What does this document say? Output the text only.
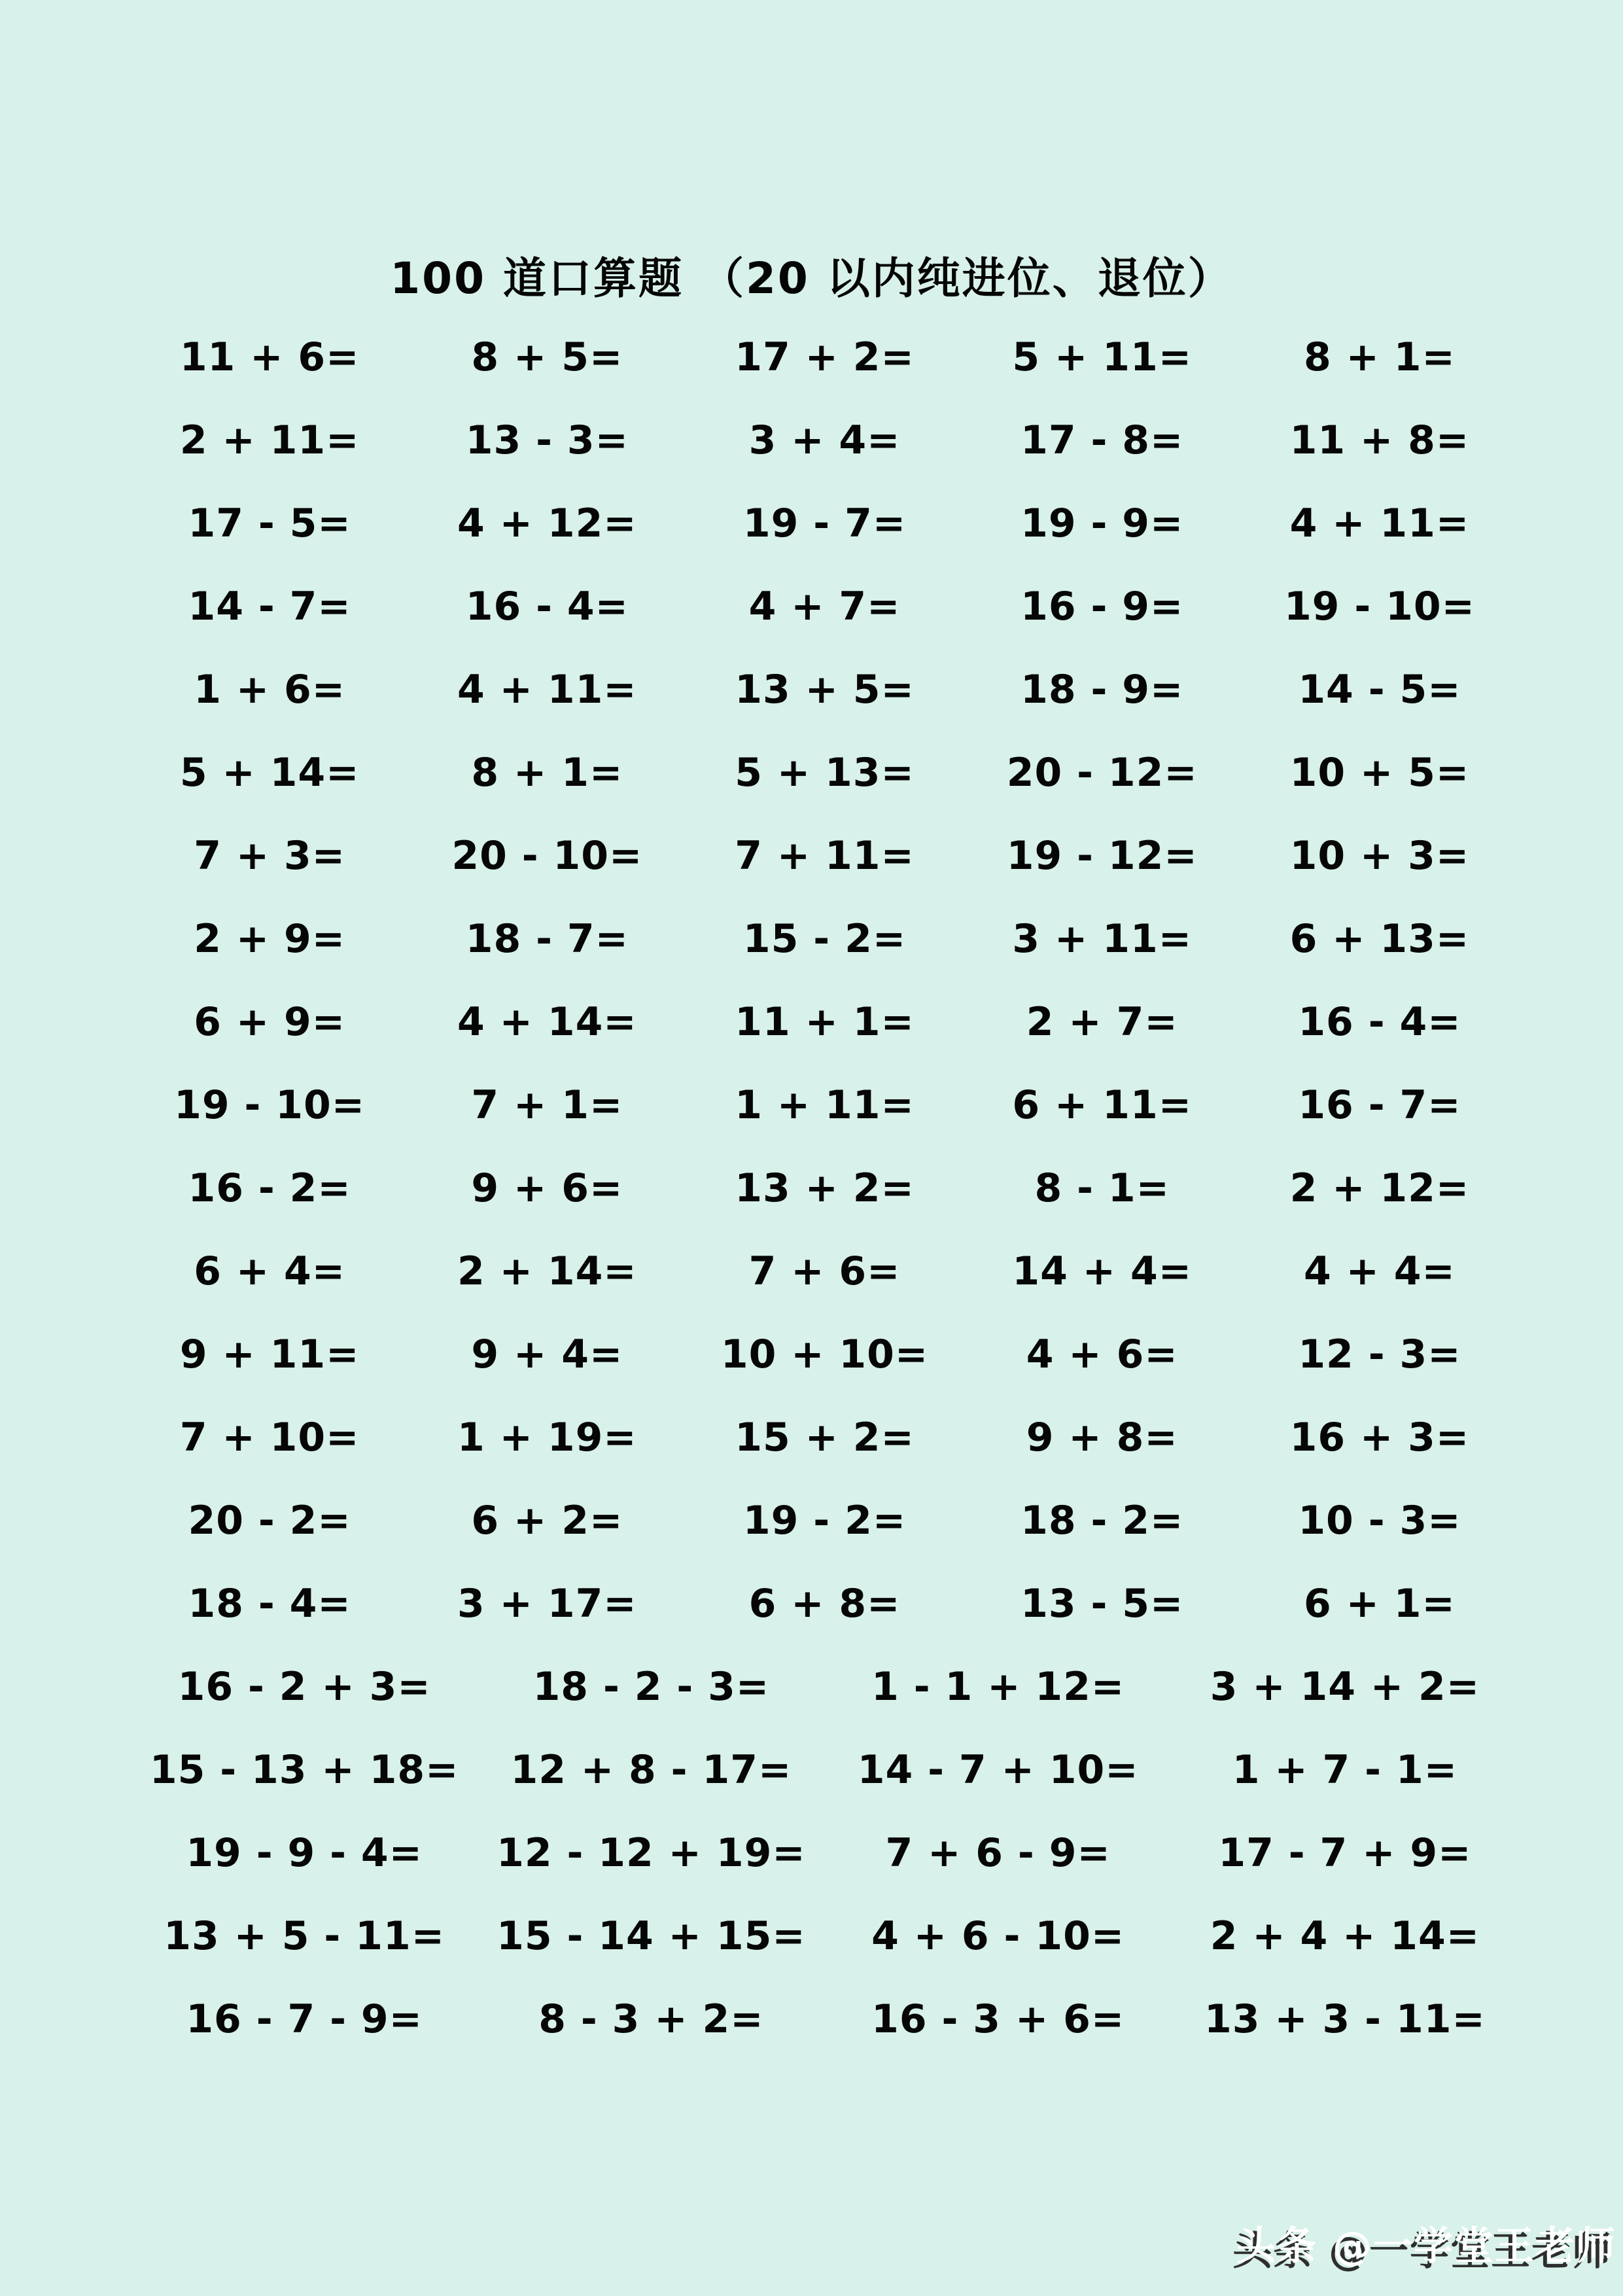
100 道口算题 （20 以内纯进位、退位）
11 + 6=	8 + 5=	17 + 2=	5 + 11=	8 + 1=
2 + 11=	13 - 3=	3 + 4=	17 - 8=	11 + 8=
17 - 5=	4 + 12=	19 - 7=	19 - 9=	4 + 11=
14 - 7=	16 - 4=	4 + 7=	16 - 9=	19 - 10=
1 + 6=	4 + 11=	13 + 5=	18 - 9=	14 - 5=
5 + 14=	8 + 1=	5 + 13=	20 - 12=	10 + 5=
7 + 3=	20 - 10=	7 + 11=	19 - 12=	10 + 3=
2 + 9=	18 - 7=	15 - 2=	3 + 11=	6 + 13=
6 + 9=	4 + 14=	11 + 1=	2 + 7=	16 - 4=
19 - 10=	7 + 1=	1 + 11=	6 + 11=	16 - 7=
16 - 2=	9 + 6=	13 + 2=	8 - 1=	2 + 12=
6 + 4=	2 + 14=	7 + 6=	14 + 4=	4 + 4=
9 + 11=	9 + 4=	10 + 10=	4 + 6=	12 - 3=
7 + 10=	1 + 19=	15 + 2=	9 + 8=	16 + 3=
20 - 2=	6 + 2=	19 - 2=	18 - 2=	10 - 3=
18 - 4=	3 + 17=	6 + 8=	13 - 5=	6 + 1=
16 - 2 + 3=	18 - 2 - 3=	1 - 1 + 12=	3 + 14 + 2=
15 - 13 + 18=	12 + 8 - 17=	14 - 7 + 10=	1 + 7 - 1=
19 - 9 - 4=	12 - 12 + 19=	7 + 6 - 9=	17 - 7 + 9=
13 + 5 - 11=	15 - 14 + 15=	4 + 6 - 10=	2 + 4 + 14=
16 - 7 - 9=	8 - 3 + 2=	16 - 3 + 6=	13 + 3 - 11=
头条 @一学堂王老师
